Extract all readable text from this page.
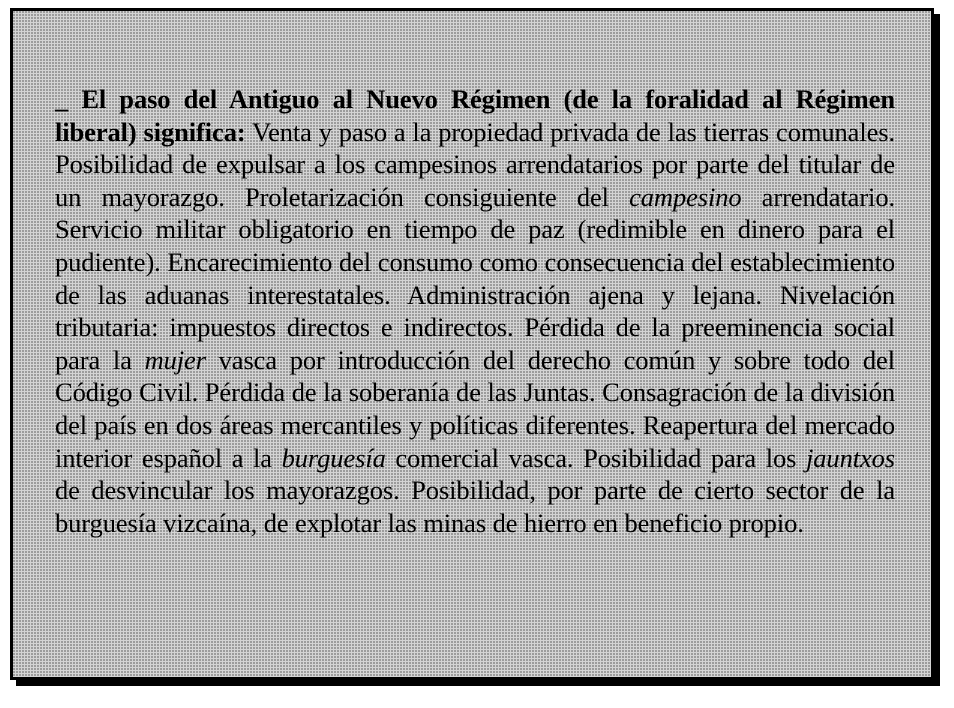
_ El paso del Antiguo al Nuevo Régimen (de la foralidad al Régimen liberal) significa: Venta y paso a la propiedad privada de las tierras comunales. Posibilidad de expulsar a los campesinos arrendatarios por parte del titular de un mayorazgo. Proletarización consiguiente del campesino arrendatario. Servicio militar obligatorio en tiempo de paz (redimible en dinero para el pudiente). Encarecimiento del consumo como consecuencia del establecimiento de las aduanas interestatales. Administración ajena y lejana. Nivelación tributaria: impuestos directos e indirectos. Pérdida de la preeminencia social para la mujer vasca por introducción del derecho común y sobre todo del Código Civil. Pérdida de la soberanía de las Juntas. Consagración de la división del país en dos áreas mercantiles y políticas diferentes. Reapertura del mercado interior español a la burguesía comercial vasca. Posibilidad para los jauntxos de desvincular los mayorazgos. Posibilidad, por parte de cierto sector de la burguesía vizcaína, de explotar las minas de hierro en beneficio propio.
